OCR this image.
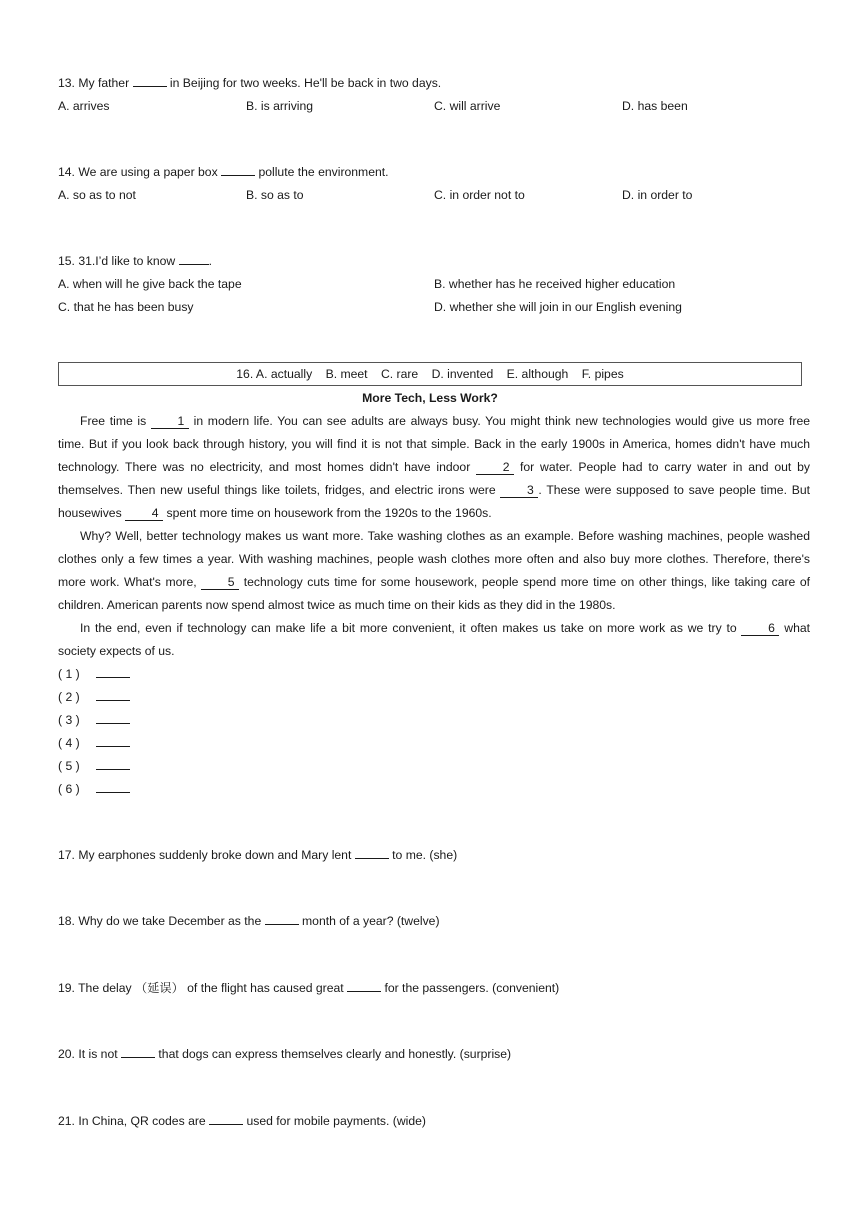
13. My father	in Beijing for two weeks. He'll be back in two days.
A. arrives	B. is arriving	C. will arrive	D. has been
14. We are using a paper box	pollute the environment.
A. so as to not	B. so as to	C. in order not to	D. in order to
15. 31.I’d like to know	.
A. when will he give back the tape	B. whether has he received higher education
C. that he has been busy	D. whether she will join in our English evening
16. A. actually B. meet C. rare D. invented E. although F. pipes
More Tech, Less Work?
Free time is	1 in modern life. You can see adults are always busy. You might think new technologies would give us more free time. But if you look back through history, you will find it is not that simple. Back in the early 1900s in America, homes didn't have much technology. There was no electricity, and most homes didn't have indoor	2 for water. People had to carry water in and out by themselves. Then new useful things like toilets, fridges, and electric irons were	3 . These were supposed to save people time. But housewives 4 spent more time on housework from the 1920s to the 1960s.
Why? Well, better technology makes us want more. Take washing clothes as an example. Before washing machines, people washed clothes only a few times a year. With washing machines, people wash clothes more often and also buy more clothes. Therefore, there's more work. What's more,	5 technology cuts time for some housework, people spend more time on other things, like taking care of children. American parents now spend almost twice as much time on their kids as they did in the 1980s.
In the end, even if technology can make life a bit more convenient, it often makes us take on more work as we try to	6 what society expects of us.
( 1 )
( 2 )
( 3 )
( 4 )
( 5 )
( 6 )
17. My earphones suddenly broke down and Mary lent	to me. (she)
18. Why do we take December as the	month of a year? (twelve)
19. The delay （延误） of the flight has caused great	for the passengers. (convenient)
20. It is not	that dogs can express themselves clearly and honestly. (surprise)
21. In China, QR codes are	used for mobile payments. (wide)
